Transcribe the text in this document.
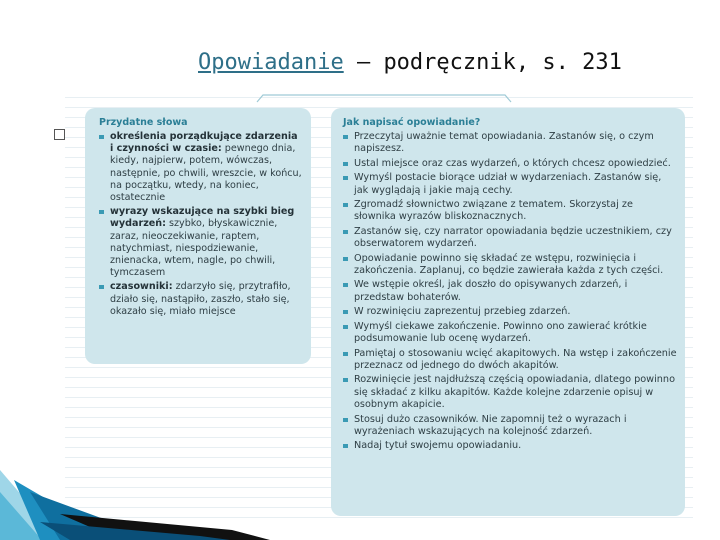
Opowiadanie – podręcznik, s. 231
Przydatne słowa
określenia porządkujące zdarzenia i czynności w czasie: pewnego dnia, kiedy, najpierw, potem, wówczas, następnie, po chwili, wreszcie, w końcu, na początku, wtedy, na koniec, ostatecznie
wyrazy wskazujące na szybki bieg wydarzeń: szybko, błyskawicznie, zaraz, nieoczekiwanie, raptem, natychmiast, niespodziewanie, znienacka, wtem, nagle, po chwili, tymczasem
czasowniki: zdarzyło się, przytrafiło, działo się, nastąpiło, zaszło, stało się, okazało się, miało miejsce
Jak napisać opowiadanie?
Przeczytaj uważnie temat opowiadania. Zastanów się, o czym napiszesz.
Ustal miejsce oraz czas wydarzeń, o których chcesz opowiedzieć.
Wymyśl postacie biorące udział w wydarzeniach. Zastanów się, jak wyglądają i jakie mają cechy.
Zgromadź słownictwo związane z tematem. Skorzystaj ze słownika wyrazów bliskoznacznych.
Zastanów się, czy narrator opowiadania będzie uczestnikiem, czy obserwatorem wydarzeń.
Opowiadanie powinno się składać ze wstępu, rozwinięcia i zakończenia. Zaplanuj, co będzie zawierała każda z tych części.
We wstępie określ, jak doszło do opisywanych zdarzeń, i przedstaw bohaterów.
W rozwinięciu zaprezentuj przebieg zdarzeń.
Wymyśl ciekawe zakończenie. Powinno ono zawierać krótkie podsumowanie lub ocenę wydarzeń.
Pamiętaj o stosowaniu wcięć akapitowych. Na wstęp i zakończenie przeznacz od jednego do dwóch akapitów.
Rozwinięcie jest najdłuższą częścią opowiadania, dlatego powinno się składać z kilku akapitów. Każde kolejne zdarzenie opisuj w osobnym akapicie.
Stosuj dużo czasowników. Nie zapomnij też o wyrazach i wyrażeniach wskazujących na kolejność zdarzeń.
Nadaj tytuł swojemu opowiadaniu.
